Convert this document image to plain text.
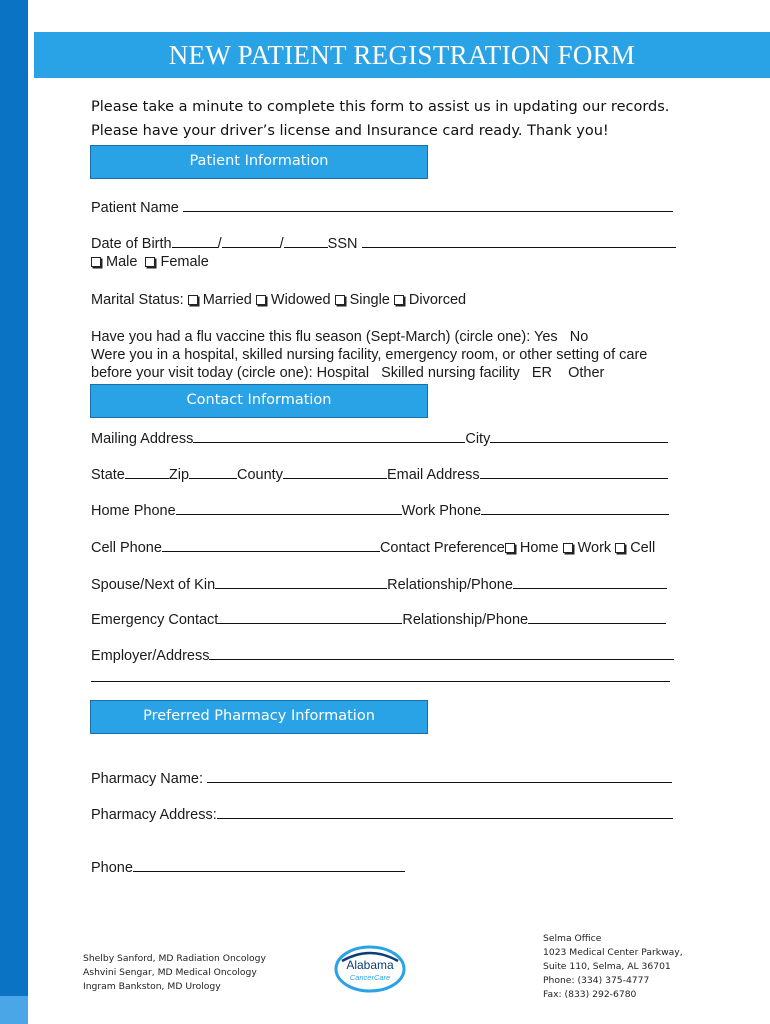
NEW PATIENT REGISTRATION FORM
Please take a minute to complete this form to assist us in updating our records.
Please have your driver’s license and Insurance card ready. Thank you!
Patient Information
Patient Name
Date of Birth	/	/	SSN
Male Female
Marital Status: Married Widowed Single Divorced
Have you had a flu vaccine this flu season (Sept-March) (circle one): Yes   No
Were you in a hospital, skilled nursing facility, emergency room, or other setting of care
before your visit today (circle one): Hospital   Skilled nursing facility   ER    Other
Contact Information
Mailing Address	City
State	Zip	County	Email Address
Home Phone	Work Phone
Cell Phone	Contact Preference Home Work Cell
Spouse/Next of Kin	Relationship/Phone
Emergency Contact	Relationship/Phone
Employer/Address
Preferred Pharmacy Information
Pharmacy Name:
Pharmacy Address:
Phone
Shelby Sanford, MD Radiation Oncology
Ashvini Sengar, MD Medical Oncology
Ingram Bankston, MD Urology
Alabama
CancerCare
Selma Office
1023 Medical Center Parkway,
Suite 110, Selma, AL 36701
Phone: (334) 375-4777
Fax: (833) 292-6780
